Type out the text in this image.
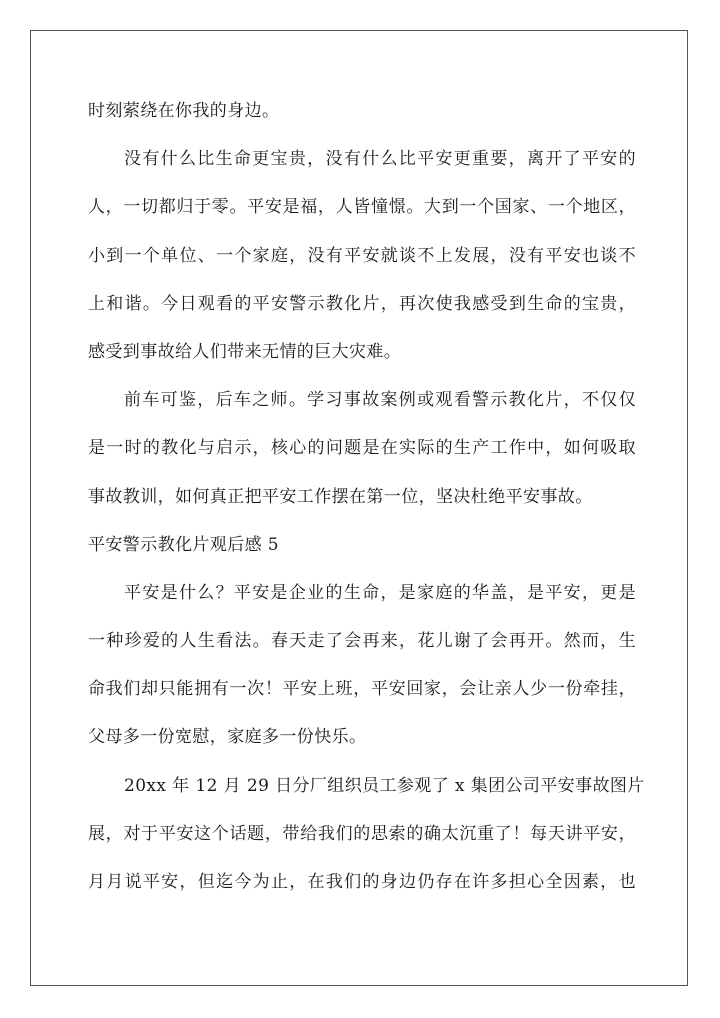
时刻萦绕在你我的身边。
没有什么比生命更宝贵，没有什么比平安更重要，离开了平安的
人，一切都归于零。平安是福，人皆憧憬。大到一个国家、一个地区，
小到一个单位、一个家庭，没有平安就谈不上发展，没有平安也谈不
上和谐。今日观看的平安警示教化片，再次使我感受到生命的宝贵，
感受到事故给人们带来无情的巨大灾难。
前车可鉴，后车之师。学习事故案例或观看警示教化片，不仅仅
是一时的教化与启示，核心的问题是在实际的生产工作中，如何吸取
事故教训，如何真正把平安工作摆在第一位，坚决杜绝平安事故。
平安警示教化片观后感 5
平安是什么？平安是企业的生命，是家庭的华盖，是平安，更是
一种珍爱的人生看法。春天走了会再来，花儿谢了会再开。然而，生
命我们却只能拥有一次！平安上班，平安回家，会让亲人少一份牵挂，
父母多一份宽慰，家庭多一份快乐。
20xx 年 12 月 29 日分厂组织员工参观了 x 集团公司平安事故图片
展，对于平安这个话题，带给我们的思索的确太沉重了！每天讲平安，
月月说平安，但迄今为止，在我们的身边仍存在许多担心全因素，也
